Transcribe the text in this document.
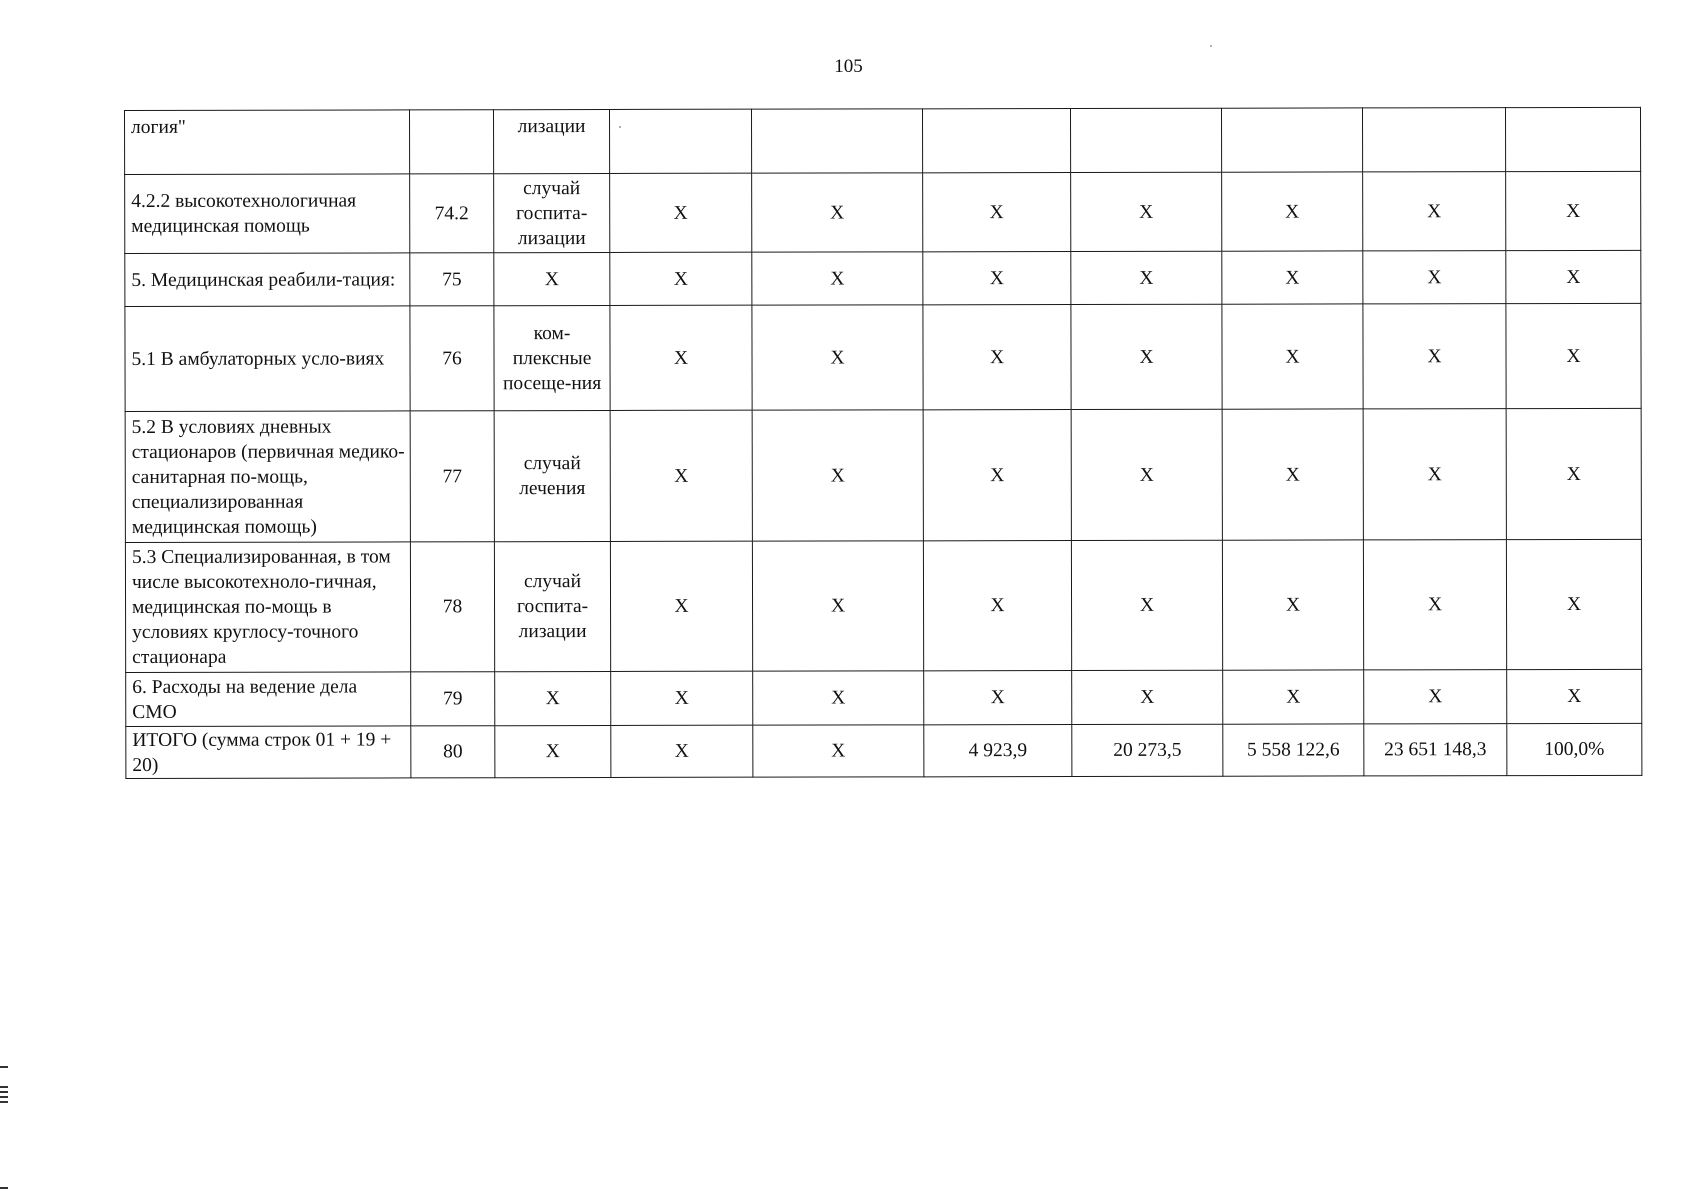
105
логия"		лизации							
4.2.2 высокотехнологичная медицинская помощь	74.2	случай госпита-лизации	X	X	X	X	X	X	X
5. Медицинская реабили-тация:	75	X	X	X	X	X	X	X	X
5.1 В амбулаторных усло-виях	76	ком-плексные посеще-ния	X	X	X	X	X	X	X
5.2 В условиях дневных стационаров (первичная медико-санитарная по-мощь, специализированная медицинская помощь)	77	случай лечения	X	X	X	X	X	X	X
5.3 Специализированная, в том числе высокотехноло-гичная, медицинская по-мощь в условиях круглосу-точного стационара	78	случай госпита-лизации	X	X	X	X	X	X	X
6. Расходы на ведение дела СМО	79	X	X	X	X	X	X	X	X
ИТОГО (сумма строк 01 + 19 + 20)	80	X	X	X	4 923,9	20 273,5	5 558 122,6	23 651 148,3	100,0%
